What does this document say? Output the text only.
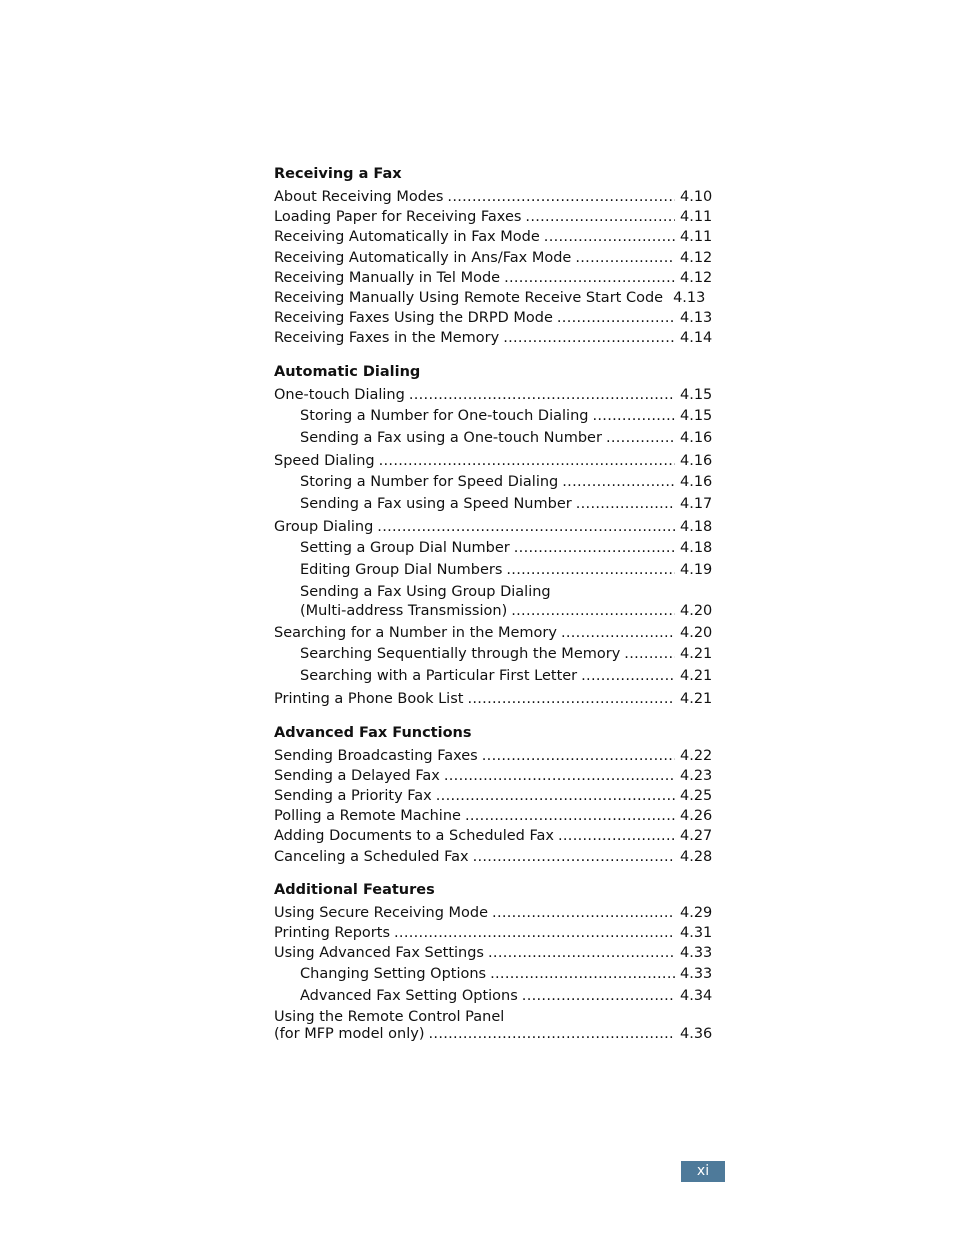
Receiving a Fax
About Receiving Modes .....	4.10
Loading Paper for Receiving Faxes .....	4.11
Receiving Automatically in Fax Mode .....	4.11
Receiving Automatically in Ans/Fax Mode .....	4.12
Receiving Manually in Tel Mode .....	4.12
Receiving Manually Using Remote Receive Start Code 4.13
Receiving Faxes Using the DRPD Mode .....	4.13
Receiving Faxes in the Memory .....	4.14
Automatic Dialing
One-touch Dialing .....	4.15
Storing a Number for One-touch Dialing .....	4.15
Sending a Fax using a One-touch Number .....	4.16
Speed Dialing .....	4.16
Storing a Number for Speed Dialing .....	4.16
Sending a Fax using a Speed Number .....	4.17
Group Dialing .....	4.18
Setting a Group Dial Number .....	4.18
Editing Group Dial Numbers .....	4.19
Sending a Fax Using Group Dialing
(Multi-address Transmission) .....	4.20
Searching for a Number in the Memory .....	4.20
Searching Sequentially through the Memory .....	4.21
Searching with a Particular First Letter .....	4.21
Printing a Phone Book List .....	4.21
Advanced Fax Functions
Sending Broadcasting Faxes .....	4.22
Sending a Delayed Fax .....	4.23
Sending a Priority Fax .....	4.25
Polling a Remote Machine .....	4.26
Adding Documents to a Scheduled Fax .....	4.27
Canceling a Scheduled Fax .....	4.28
Additional Features
Using Secure Receiving Mode .....	4.29
Printing Reports .....	4.31
Using Advanced Fax Settings .....	4.33
Changing Setting Options .....	4.33
Advanced Fax Setting Options .....	4.34
Using the Remote Control Panel
(for MFP model only) .....	4.36
xi
